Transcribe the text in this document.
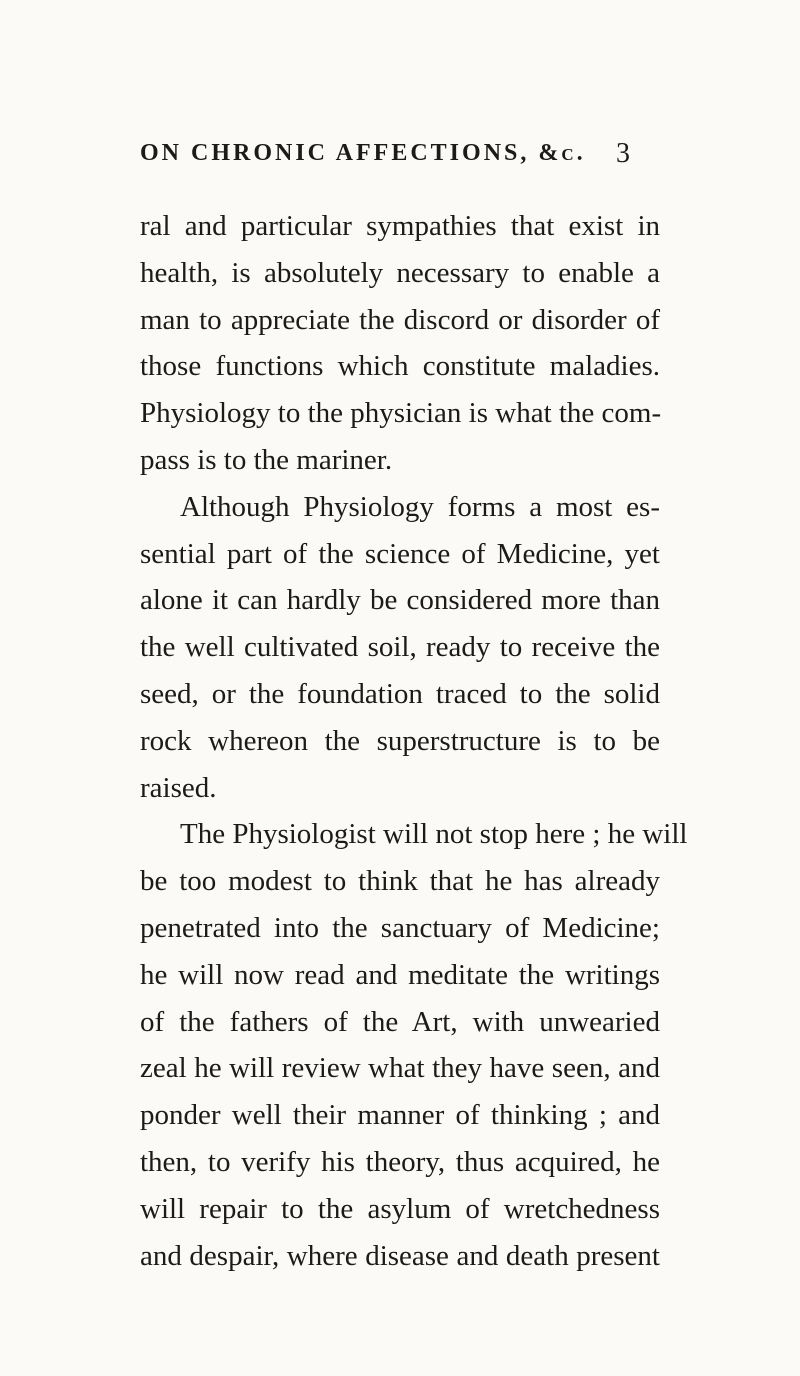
ON CHRONIC AFFECTIONS, &c. 3
ral and particular sympathies that exist in
health, is absolutely necessary to enable a
man to appreciate the discord or disorder of
those functions which constitute maladies.
Physiology to the physician is what the com-
pass is to the mariner.
Although Physiology forms a most es-
sential part of the science of Medicine, yet
alone it can hardly be considered more than
the well cultivated soil, ready to receive the
seed, or the foundation traced to the solid
rock whereon the superstructure is to be
raised.
The Physiologist will not stop here ; he will
be too modest to think that he has already
penetrated into the sanctuary of Medicine;
he will now read and meditate the writings
of the fathers of the Art, with unwearied
zeal he will review what they have seen, and
ponder well their manner of thinking ; and
then, to verify his theory, thus acquired, he
will repair to the asylum of wretchedness
and despair, where disease and death present
